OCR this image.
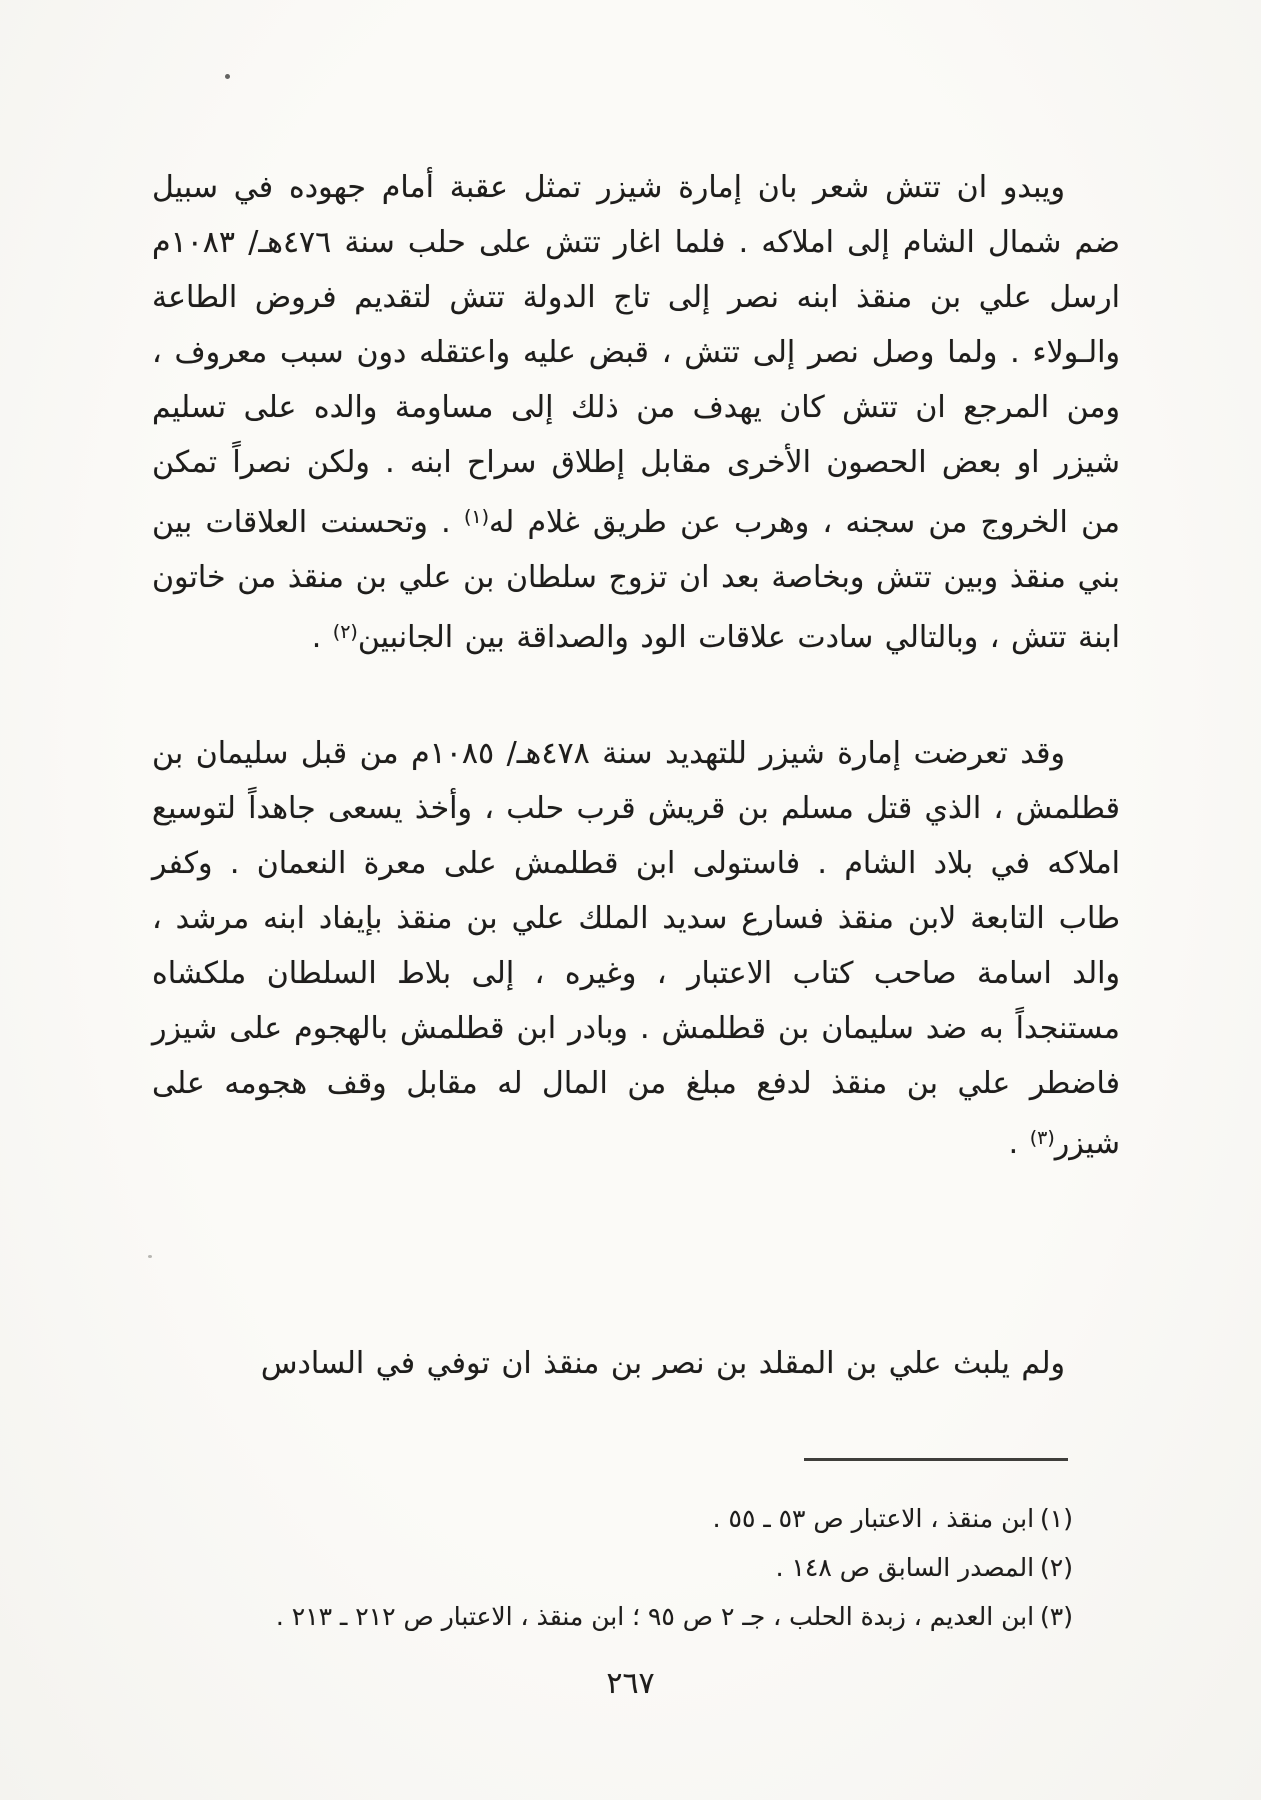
ويبدو ان تتش شعر بان إمارة شيزر تمثل عقبة أمام جهوده في سبيل ضم شمال الشام إلى املاكه . فلما اغار تتش على حلب سنة ٤٧٦هـ/ ١٠٨٣م ارسل علي بن منقذ ابنه نصر إلى تاج الدولة تتش لتقديم فروض الطاعة والـولاء . ولما وصل نصر إلى تتش ، قبض عليه واعتقله دون سبب معروف ، ومن المرجع ان تتش كان يهدف من ذلك إلى مساومة والده على تسليم شيزر او بعض الحصون الأخرى مقابل إطلاق سراح ابنه . ولكن نصراً تمكن من الخروج من سجنه ، وهرب عن طريق غلام له$^{(١)}$ . وتحسنت العلاقات بين بني منقذ وبين تتش وبخاصة بعد ان تزوج سلطان بن علي بن منقذ من خاتون ابنة تتش ، وبالتالي سادت علاقات الود والصداقة بين الجانبين$^{(٢)}$ .

وقد تعرضت إمارة شيزر للتهديد سنة ٤٧٨هـ/ ١٠٨٥م من قبل سليمان بن قطلمش ، الذي قتل مسلم بن قريش قرب حلب ، وأخذ يسعى جاهداً لتوسيع املاكه في بلاد الشام . فاستولى ابن قطلمش على معرة النعمان . وكفر طاب التابعة لابن منقذ فسارع سديد الملك علي بن منقذ بإيفاد ابنه مرشد ، والد اسامة صاحب كتاب الاعتبار ، وغيره ، إلى بلاط السلطان ملكشاه مستنجداً به ضد سليمان بن قطلمش . وبادر ابن قطلمش بالهجوم على شيزر فاضطر علي بن منقذ لدفع مبلغ من المال له مقابل وقف هجومه على شيزر$^{(٣)}$ .

ولم يلبث علي بن المقلد بن نصر بن منقذ ان توفي في السادس

(١)ابن منقذ ، الاعتبار ص ٥٣ ـ ٥٥ .
(٢)المصدر السابق ص ١٤٨ .
(٣)ابن العديم ، زبدة الحلب ، جـ ٢ ص ٩٥ ؛ ابن منقذ ، الاعتبار ص ٢١٢ ـ ٢١٣ .
٢٦٧
